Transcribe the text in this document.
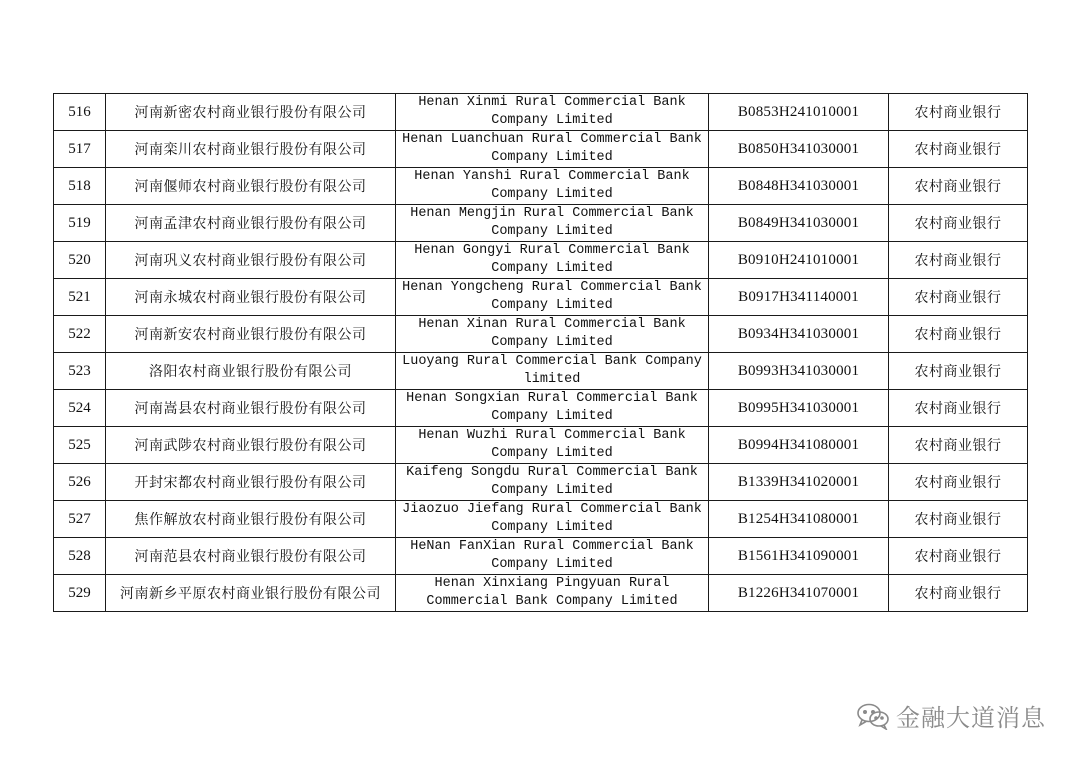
516	河南新密农村商业银行股份有限公司	Henan Xinmi Rural Commercial Bank Company Limited	B0853H241010001	农村商业银行
517	河南栾川农村商业银行股份有限公司	Henan Luanchuan Rural Commercial Bank Company Limited	B0850H341030001	农村商业银行
518	河南偃师农村商业银行股份有限公司	Henan Yanshi Rural Commercial Bank Company Limited	B0848H341030001	农村商业银行
519	河南孟津农村商业银行股份有限公司	Henan Mengjin Rural Commercial Bank Company Limited	B0849H341030001	农村商业银行
520	河南巩义农村商业银行股份有限公司	Henan Gongyi Rural Commercial Bank Company Limited	B0910H241010001	农村商业银行
521	河南永城农村商业银行股份有限公司	Henan Yongcheng Rural Commercial Bank Company Limited	B0917H341140001	农村商业银行
522	河南新安农村商业银行股份有限公司	Henan Xinan Rural Commercial Bank Company Limited	B0934H341030001	农村商业银行
523	洛阳农村商业银行股份有限公司	Luoyang Rural Commercial Bank Company limited	B0993H341030001	农村商业银行
524	河南嵩县农村商业银行股份有限公司	Henan Songxian Rural Commercial Bank Company Limited	B0995H341030001	农村商业银行
525	河南武陟农村商业银行股份有限公司	Henan Wuzhi Rural Commercial Bank Company Limited	B0994H341080001	农村商业银行
526	开封宋都农村商业银行股份有限公司	Kaifeng Songdu Rural Commercial Bank Company Limited	B1339H341020001	农村商业银行
527	焦作解放农村商业银行股份有限公司	Jiaozuo Jiefang Rural Commercial Bank Company Limited	B1254H341080001	农村商业银行
528	河南范县农村商业银行股份有限公司	HeNan FanXian Rural Commercial Bank Company Limited	B1561H341090001	农村商业银行
529	河南新乡平原农村商业银行股份有限公司	Henan Xinxiang Pingyuan Rural Commercial Bank Company Limited	B1226H341070001	农村商业银行
金融大道消息
